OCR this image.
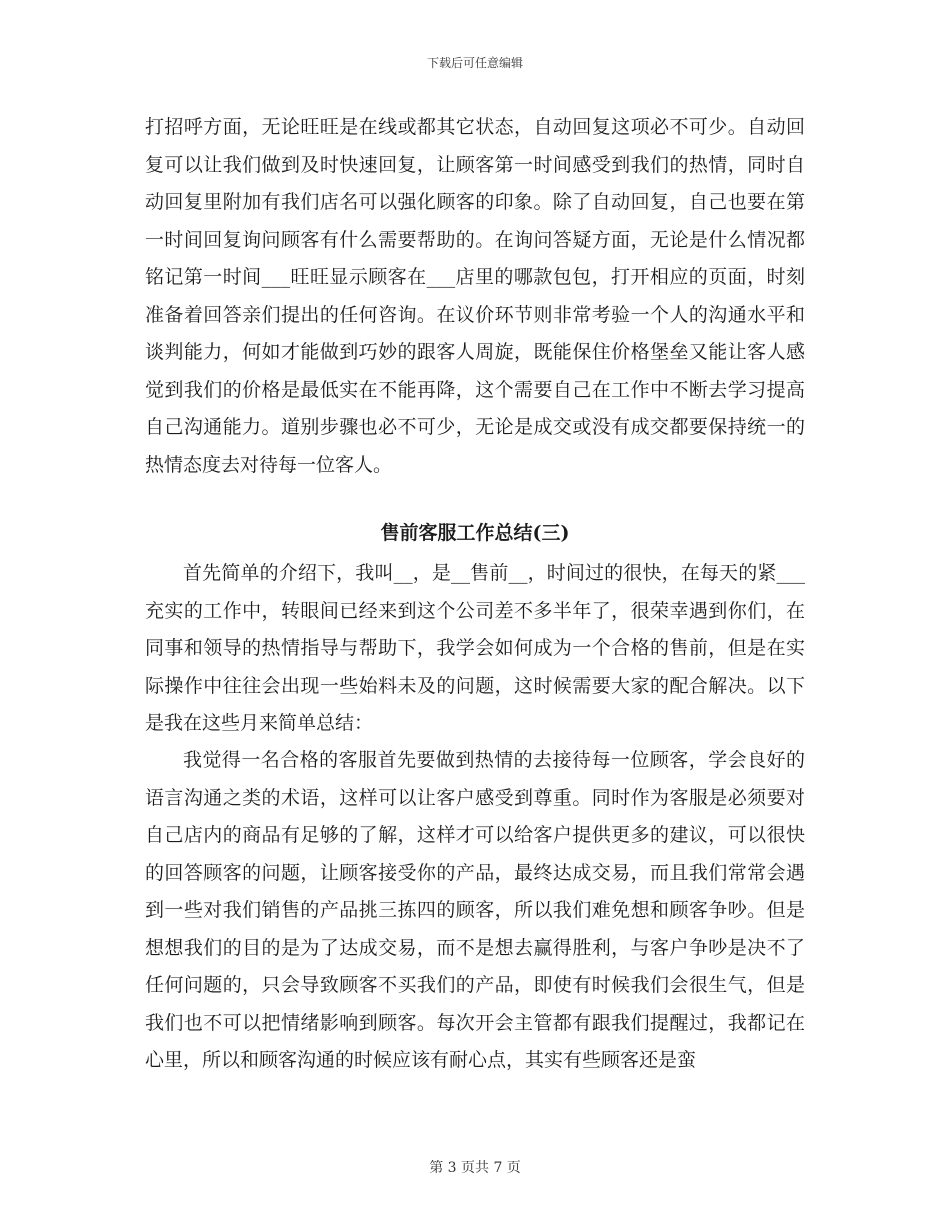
下载后可任意编辑

打招呼方面，无论旺旺是在线或都其它状态，自动回复这项必不可少。自动回复可以让我们做到及时快速回复，让顾客第一时间感受到我们的热情，同时自动回复里附加有我们店名可以强化顾客的印象。除了自动回复，自己也要在第一时间回复询问顾客有什么需要帮助的。在询问答疑方面，无论是什么情况都铭记第一时间___旺旺显示顾客在___店里的哪款包包，打开相应的页面，时刻准备着回答亲们提出的任何咨询。在议价环节则非常考验一个人的沟通水平和谈判能力，何如才能做到巧妙的跟客人周旋，既能保住价格堡垒又能让客人感觉到我们的价格是最低实在不能再降，这个需要自己在工作中不断去学习提高自己沟通能力。道别步骤也必不可少，无论是成交或没有成交都要保持统一的热情态度去对待每一位客人。

售前客服工作总结(三)

首先简单的介绍下，我叫__，是__售前__，时间过的很快，在每天的紧___充实的工作中，转眼间已经来到这个公司差不多半年了，很荣幸遇到你们，在同事和领导的热情指导与帮助下，我学会如何成为一个合格的售前，但是在实际操作中往往会出现一些始料未及的问题，这时候需要大家的配合解决。以下是我在这些月来简单总结：

我觉得一名合格的客服首先要做到热情的去接待每一位顾客，学会良好的语言沟通之类的术语，这样可以让客户感受到尊重。同时作为客服是必须要对自己店内的商品有足够的了解，这样才可以给客户提供更多的建议，可以很快的回答顾客的问题，让顾客接受你的产品，最终达成交易，而且我们常常会遇到一些对我们销售的产品挑三拣四的顾客，所以我们难免想和顾客争吵。但是想想我们的目的是为了达成交易，而不是想去赢得胜利，与客户争吵是决不了任何问题的，只会导致顾客不买我们的产品，即使有时候我们会很生气，但是我们也不可以把情绪影响到顾客。每次开会主管都有跟我们提醒过，我都记在心里，所以和顾客沟通的时候应该有耐心点，其实有些顾客还是蛮

第 3 页共 7 页
